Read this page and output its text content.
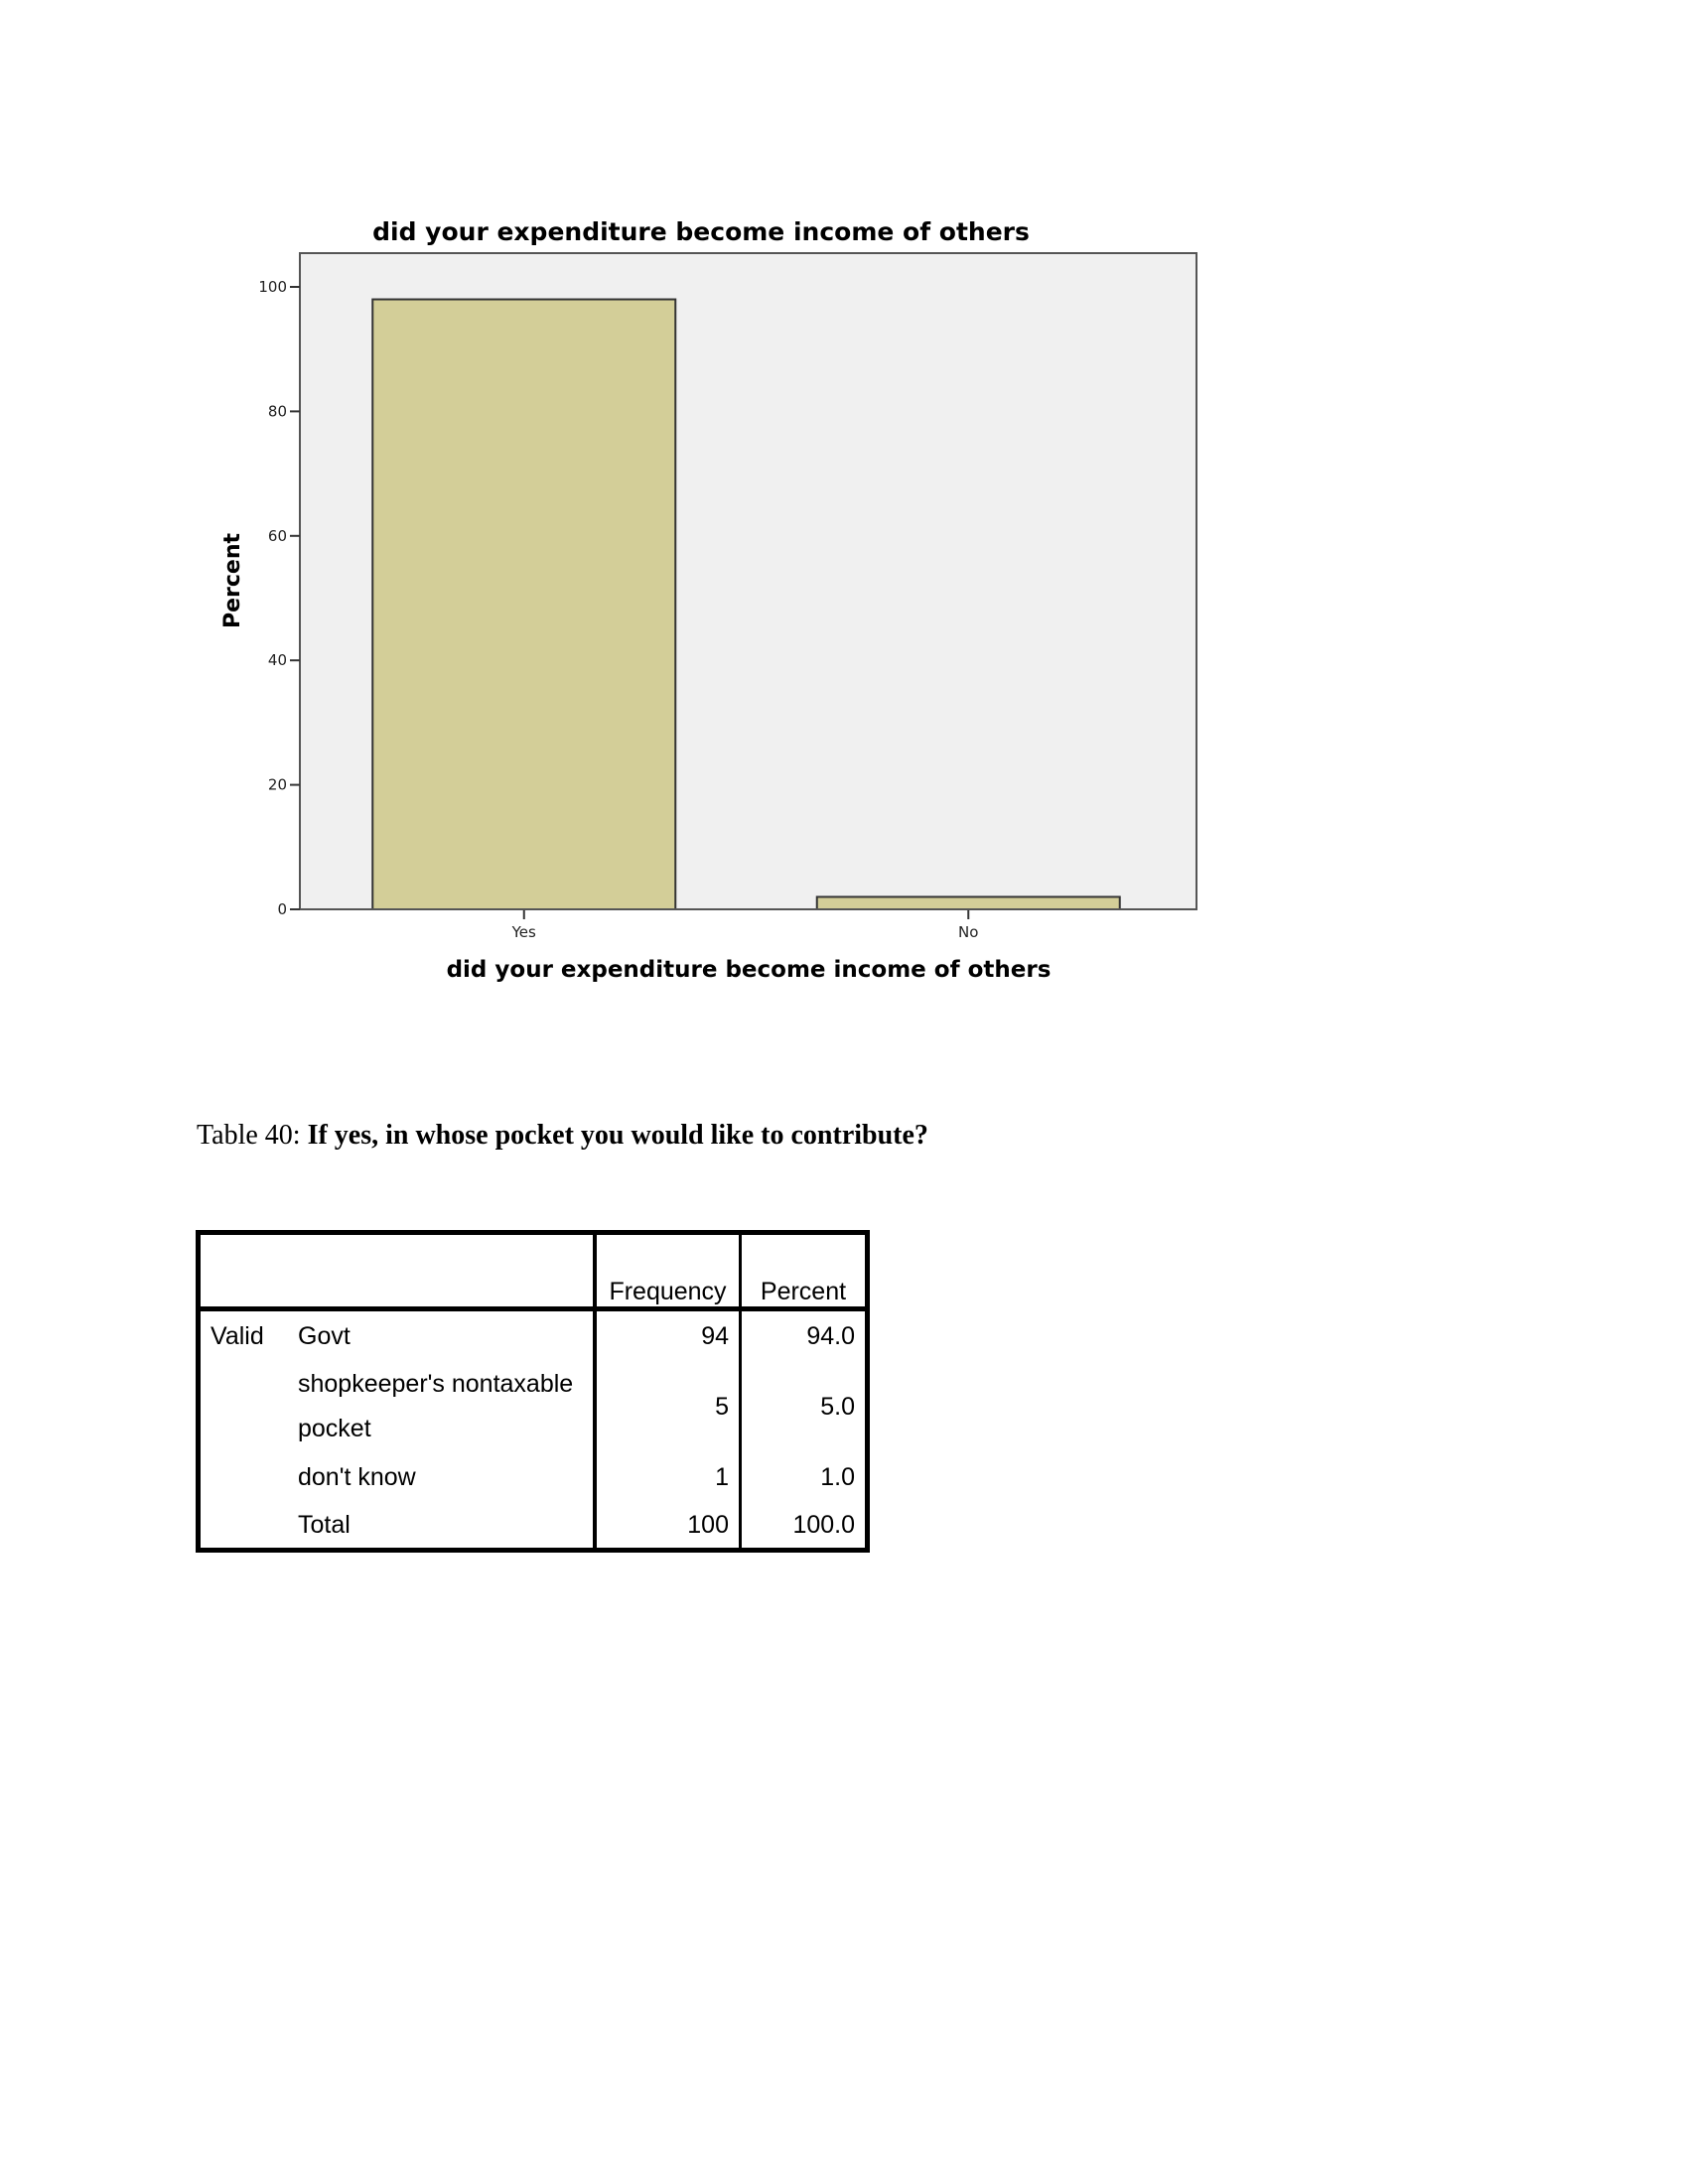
did your expenditure become income of others
0
20
40
60
80
100
Yes	No
Percent
did your expenditure become income of others

Table 40: If yes, in whose pocket you would like to contribute?

		Frequency	Percent
Valid	Govt	94	94.0

	shopkeeper's nontaxable pocket	5	5.0
	don't know	1	1.0
	Total	100	100.0
